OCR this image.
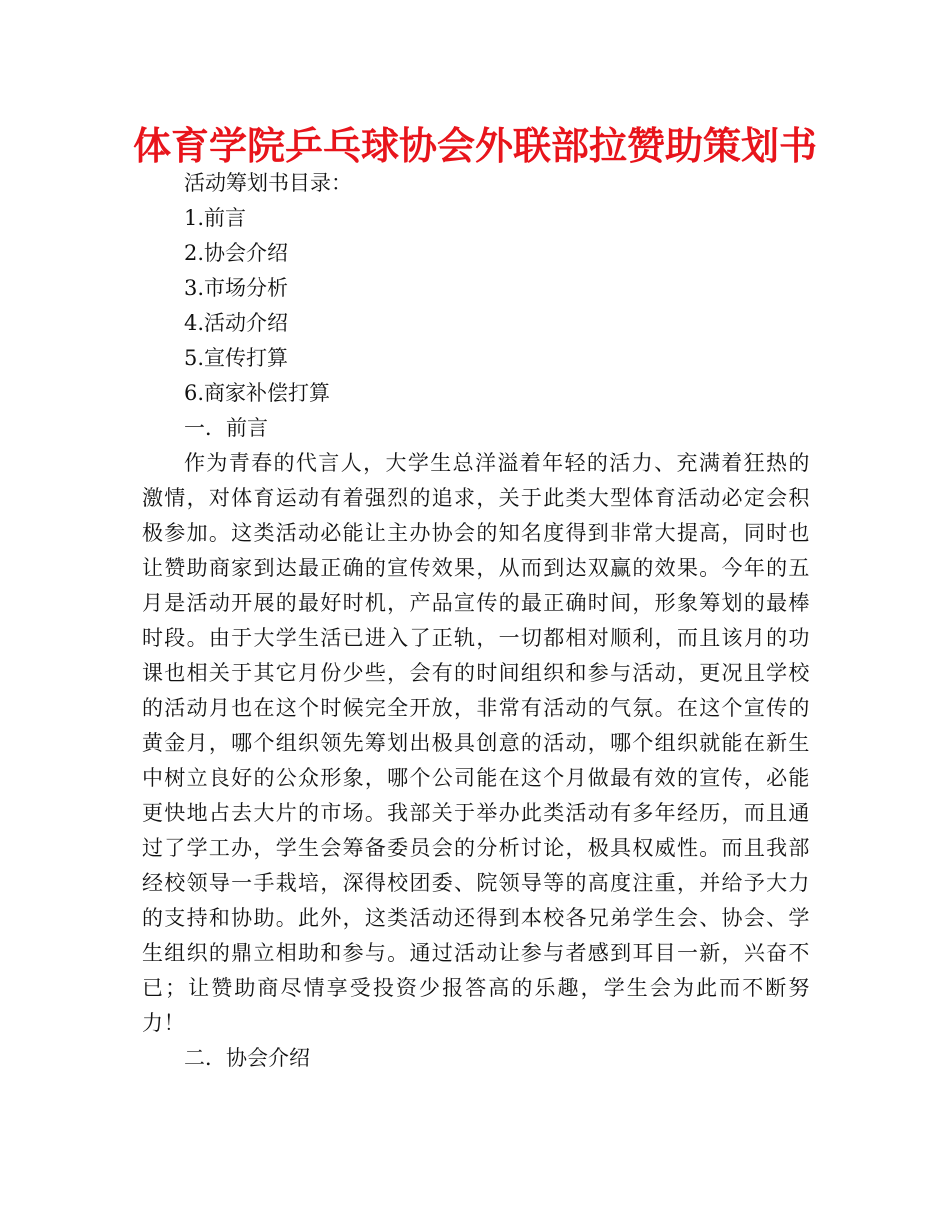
体育学院乒乓球协会外联部拉赞助策划书

活动筹划书目录：

1.前言

2.协会介绍

3.市场分析

4.活动介绍

5.宣传打算

6.商家补偿打算

一．前言

作为青春的代言人，大学生总洋溢着年轻的活力、充满着狂热的激情，对体育运动有着强烈的追求，关于此类大型体育活动必定会积极参加。这类活动必能让主办协会的知名度得到非常大提高，同时也让赞助商家到达最正确的宣传效果，从而到达双赢的效果。今年的五月是活动开展的最好时机，产品宣传的最正确时间，形象筹划的最棒时段。由于大学生活已进入了正轨，一切都相对顺利，而且该月的功课也相关于其它月份少些，会有的时间组织和参与活动，更况且学校的活动月也在这个时候完全开放，非常有活动的气氛。在这个宣传的黄金月，哪个组织领先筹划出极具创意的活动，哪个组织就能在新生中树立良好的公众形象，哪个公司能在这个月做最有效的宣传，必能更快地占去大片的市场。我部关于举办此类活动有多年经历，而且通过了学工办，学生会筹备委员会的分析讨论，极具权威性。而且我部经校领导一手栽培，深得校团委、院领导等的高度注重，并给予大力的支持和协助。此外，这类活动还得到本校各兄弟学生会、协会、学生组织的鼎立相助和参与。通过活动让参与者感到耳目一新，兴奋不已；让赞助商尽情享受投资少报答高的乐趣，学生会为此而不断努力！

二．协会介绍
